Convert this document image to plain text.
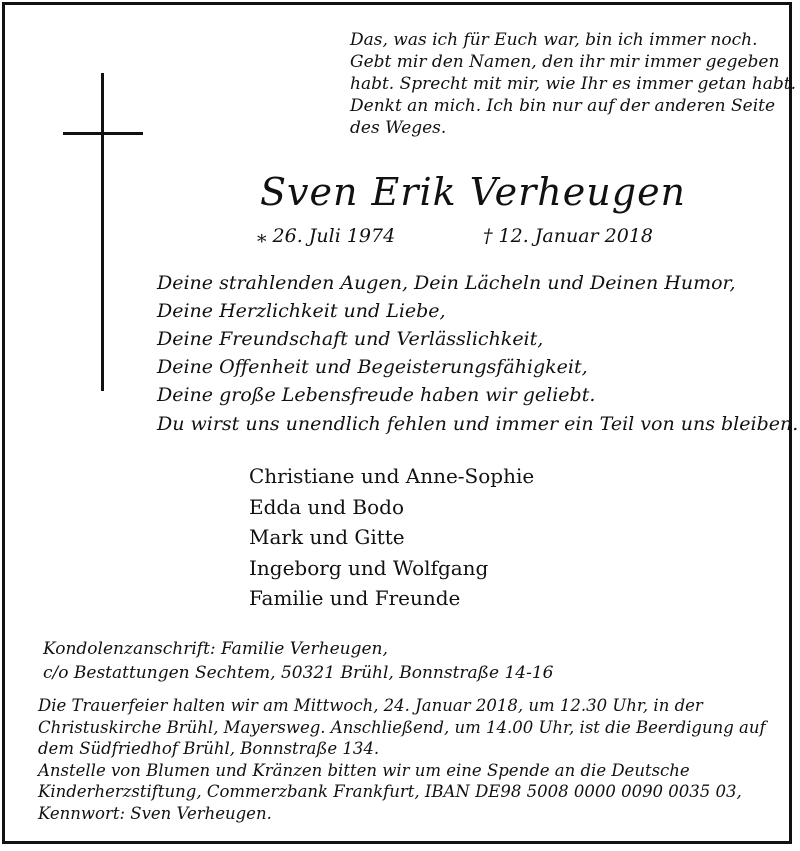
Das, was ich für Euch war, bin ich immer noch.
Gebt mir den Namen, den ihr mir immer gegeben
habt. Sprecht mit mir, wie Ihr es immer getan habt.
Denkt an mich. Ich bin nur auf der anderen Seite
des Weges.
Sven Erik Verheugen
⁎ 26. Juli 1974	† 12. Januar 2018
Deine strahlenden Augen, Dein Lächeln und Deinen Humor,
Deine Herzlichkeit und Liebe,
Deine Freundschaft und Verlässlichkeit,
Deine Offenheit und Begeisterungsfähigkeit,
Deine große Lebensfreude haben wir geliebt.
Du wirst uns unendlich fehlen und immer ein Teil von uns bleiben.
Christiane und Anne-Sophie
Edda und Bodo
Mark und Gitte
Ingeborg und Wolfgang
Familie und Freunde
Kondolenzanschrift: Familie Verheugen,
c/o Bestattungen Sechtem, 50321 Brühl, Bonnstraße 14-16

Die Trauerfeier halten wir am Mittwoch, 24. Januar 2018, um 12.30 Uhr, in der Christuskirche Brühl, Mayersweg. Anschließend, um 14.00 Uhr, ist die Beerdigung auf dem Südfriedhof Brühl, Bonnstraße 134.

Anstelle von Blumen und Kränzen bitten wir um eine Spende an die Deutsche Kinderherzstiftung, Commerzbank Frankfurt, IBAN DE98 5008 0000 0090 0035 03, Kennwort: Sven Verheugen.
